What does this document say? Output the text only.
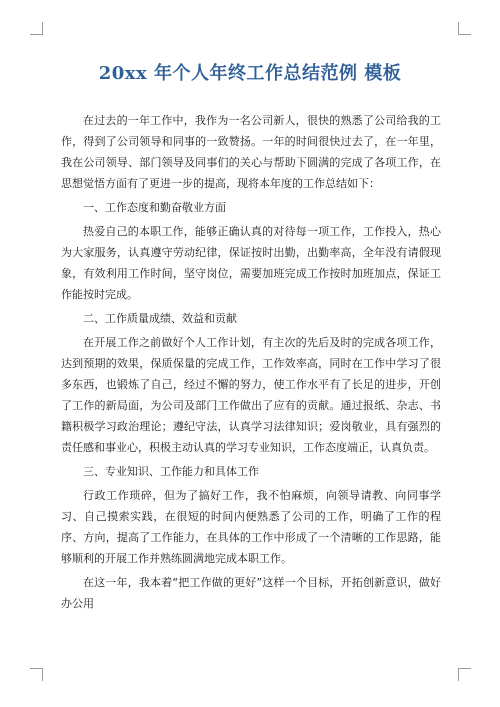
20xx 年个人年终工作总结范例 模板

在过去的一年工作中，我作为一名公司新人，很快的熟悉了公司给我的工作，得到了公司领导和同事的一致赞扬。一年的时间很快过去了，在一年里，我在公司领导、部门领导及同事们的关心与帮助下圆满的完成了各项工作，在思想觉悟方面有了更进一步的提高，现将本年度的工作总结如下：

一、工作态度和勤奋敬业方面

热爱自己的本职工作，能够正确认真的对待每一项工作，工作投入，热心为大家服务，认真遵守劳动纪律，保证按时出勤，出勤率高，全年没有请假现象，有效利用工作时间，坚守岗位，需要加班完成工作按时加班加点，保证工作能按时完成。

二、工作质量成绩、效益和贡献

在开展工作之前做好个人工作计划，有主次的先后及时的完成各项工作，达到预期的效果，保质保量的完成工作，工作效率高，同时在工作中学习了很多东西，也锻炼了自己，经过不懈的努力，使工作水平有了长足的进步，开创了工作的新局面，为公司及部门工作做出了应有的贡献。通过报纸、杂志、书籍积极学习政治理论；遵纪守法，认真学习法律知识；爱岗敬业，具有强烈的责任感和事业心，积极主动认真的学习专业知识，工作态度端正，认真负责。

三、专业知识、工作能力和具体工作

行政工作琐碎，但为了搞好工作，我不怕麻烦，向领导请教、向同事学习、自己摸索实践，在很短的时间内便熟悉了公司的工作，明确了工作的程序、方向，提高了工作能力，在具体的工作中形成了一个清晰的工作思路，能够顺利的开展工作并熟练圆满地完成本职工作。

在这一年，我本着“把工作做的更好”这样一个目标，开拓创新意识，做好办公用
